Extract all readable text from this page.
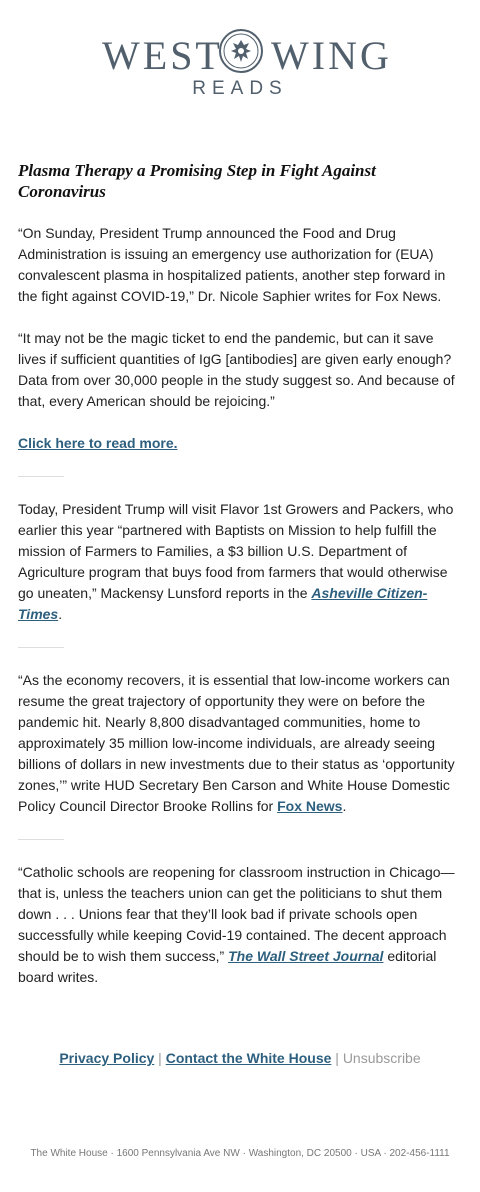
WEST WING
READS
Plasma Therapy a Promising Step in Fight Against Coronavirus

“On Sunday, President Trump announced the Food and Drug Administration is issuing an emergency use authorization for (EUA) convalescent plasma in hospitalized patients, another step forward in the fight against COVID-19,” Dr. Nicole Saphier writes for Fox News.

“It may not be the magic ticket to end the pandemic, but can it save lives if sufficient quantities of IgG [antibodies] are given early enough? Data from over 30,000 people in the study suggest so. And because of that, every American should be rejoicing.”

Click here to read more.

Today, President Trump will visit Flavor 1st Growers and Packers, who earlier this year “partnered with Baptists on Mission to help fulfill the mission of Farmers to Families, a $3 billion U.S. Department of Agriculture program that buys food from farmers that would otherwise go uneaten,” Mackensy Lunsford reports in the Asheville Citizen-Times.

“As the economy recovers, it is essential that low-income workers can resume the great trajectory of opportunity they were on before the pandemic hit. Nearly 8,800 disadvantaged communities, home to approximately 35 million low-income individuals, are already seeing billions of dollars in new investments due to their status as ‘opportunity zones,’” write HUD Secretary Ben Carson and White House Domestic Policy Council Director Brooke Rollins for Fox News.

“Catholic schools are reopening for classroom instruction in Chicago—that is, unless the teachers union can get the politicians to shut them down . . . Unions fear that they’ll look bad if private schools open successfully while keeping Covid-19 contained. The decent approach should be to wish them success,” The Wall Street Journal editorial board writes.

Privacy Policy | Contact the White House | Unsubscribe
The White House · 1600 Pennsylvania Ave NW · Washington, DC 20500 · USA · 202-456-1111
